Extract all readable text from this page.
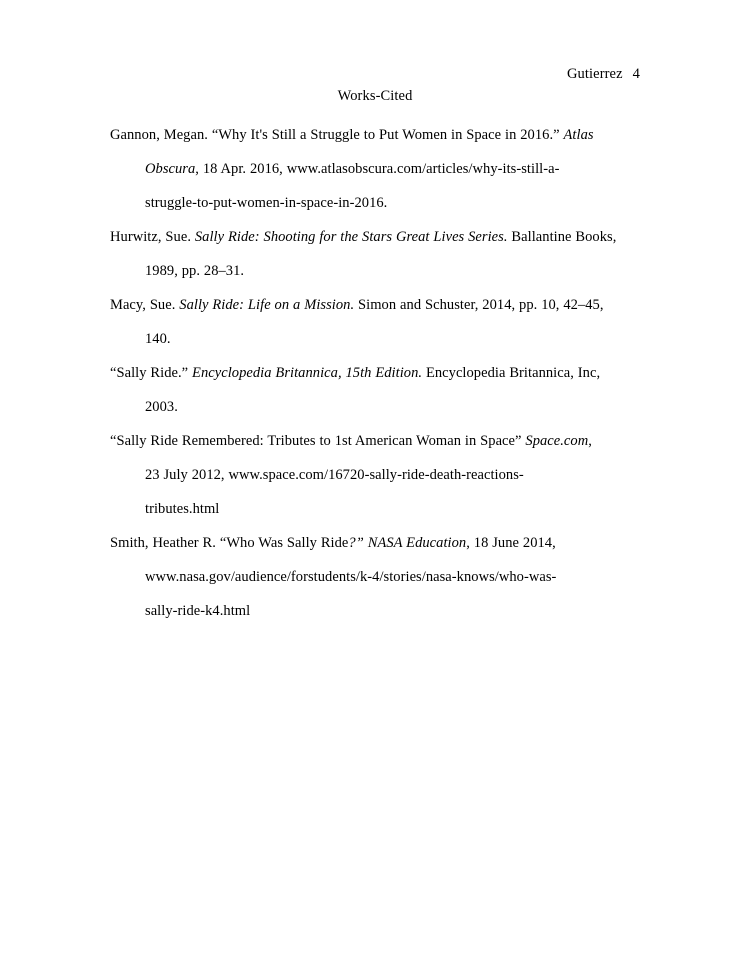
Gutierrez 4

Works-Cited

Gannon, Megan. “Why It's Still a Struggle to Put Women in Space in 2016.” Atlas
Obscura, 18 Apr. 2016, www.atlasobscura.com/articles/why-its-still-a-
struggle-to-put-women-in-space-in-2016.

Hurwitz, Sue. Sally Ride: Shooting for the Stars Great Lives Series. Ballantine Books,
1989, pp. 28–31.

Macy, Sue. Sally Ride: Life on a Mission. Simon and Schuster, 2014, pp. 10, 42–45,
140.

“Sally Ride.” Encyclopedia Britannica, 15th Edition. Encyclopedia Britannica, Inc,
2003.

“Sally Ride Remembered: Tributes to 1st American Woman in Space” Space.com,
23 July 2012, www.space.com/16720-sally-ride-death-reactions-
tributes.html

Smith, Heather R. “Who Was Sally Ride?” NASA Education, 18 June 2014,
www.nasa.gov/audience/forstudents/k-4/stories/nasa-knows/who-was-
sally-ride-k4.html
